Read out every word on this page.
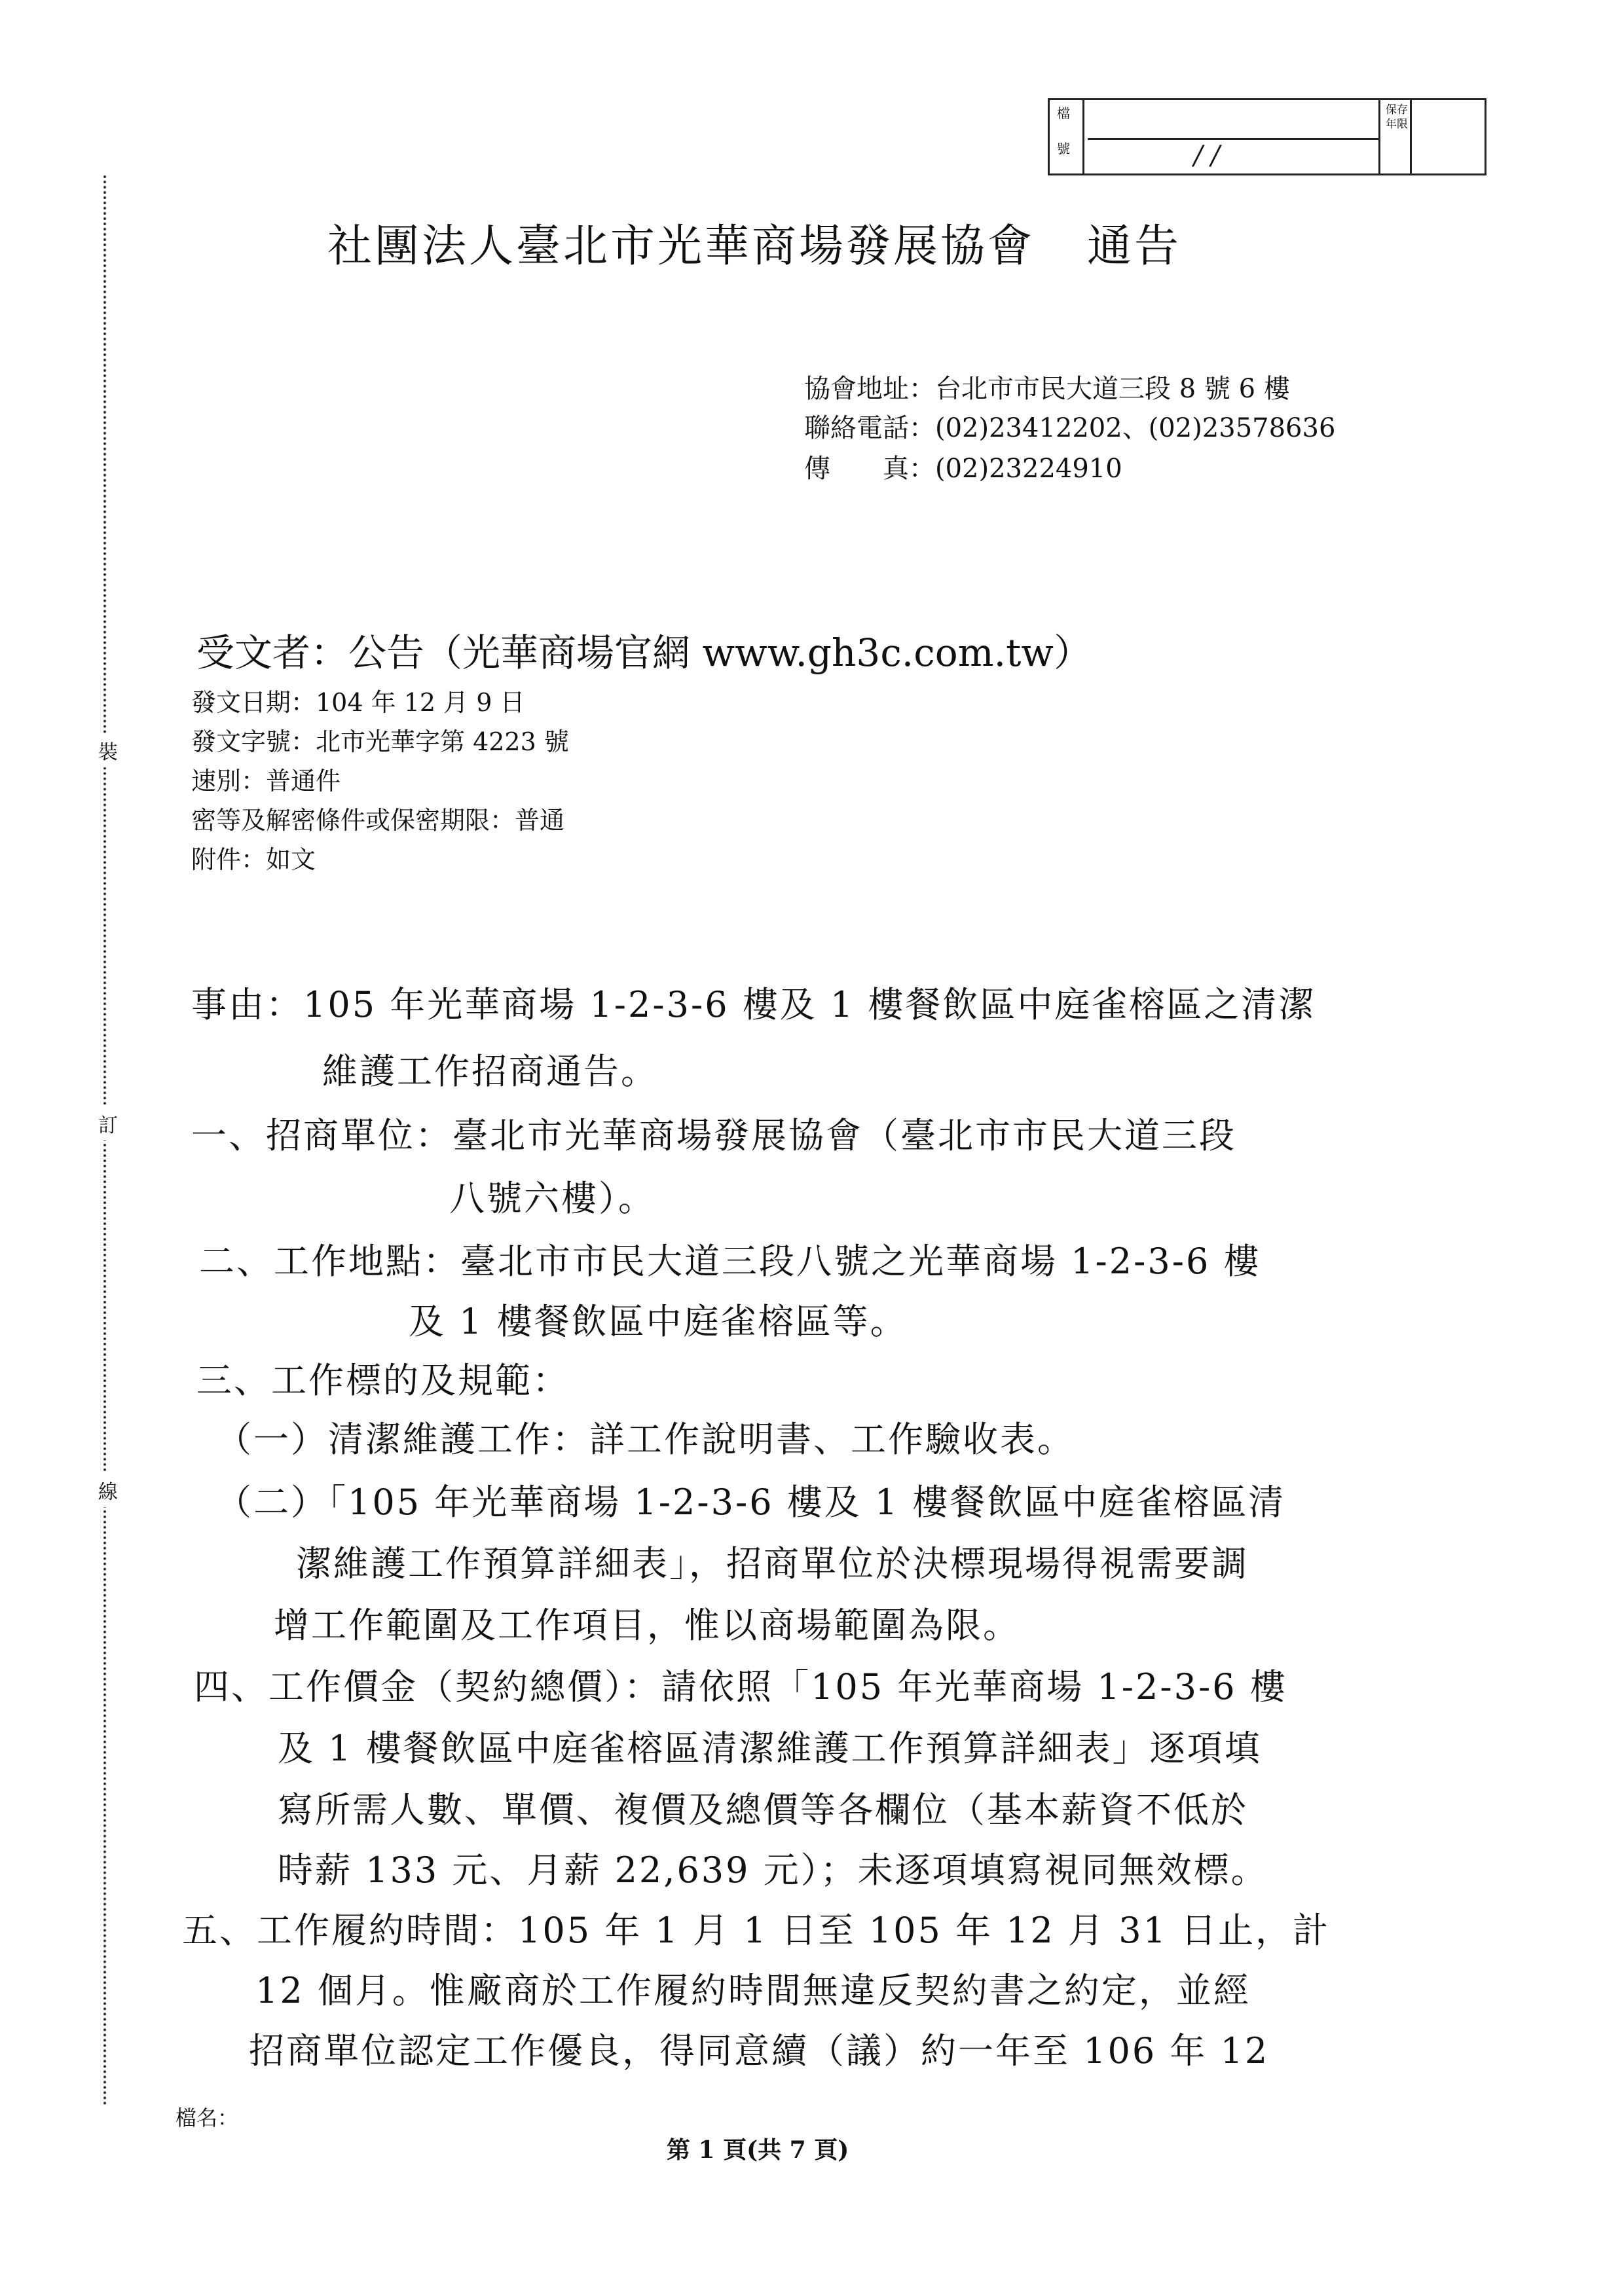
檔
號	/ /
保存年限
裝
訂
線
社團法人臺北市光華商場發展協會 通告
協會地址：台北市市民大道三段 8 號 6 樓
聯絡電話：(02)23412202、(02)23578636
傳　　真：(02)23224910
受文者：公告（光華商場官網 www.gh3c.com.tw）
發文日期：104 年 12 月 9 日
發文字號：北市光華字第 4223 號
速別：普通件
密等及解密條件或保密期限：普通
附件：如文
事由：105 年光華商場 1-2-3-6 樓及 1 樓餐飲區中庭雀榕區之清潔
維護工作招商通告。
一、招商單位：臺北市光華商場發展協會（臺北市市民大道三段
八號六樓）。
二、工作地點：臺北市市民大道三段八號之光華商場 1-2-3-6 樓
及 1 樓餐飲區中庭雀榕區等。
三、工作標的及規範：
（一）清潔維護工作：詳工作說明書、工作驗收表。
（二）「105 年光華商場 1-2-3-6 樓及 1 樓餐飲區中庭雀榕區清
潔維護工作預算詳細表」，招商單位於決標現場得視需要調
增工作範圍及工作項目，惟以商場範圍為限。
四、工作價金（契約總價）：請依照「105 年光華商場 1-2-3-6 樓
及 1 樓餐飲區中庭雀榕區清潔維護工作預算詳細表」逐項填
寫所需人數、單價、複價及總價等各欄位（基本薪資不低於
時薪 133 元、月薪 22,639 元）；未逐項填寫視同無效標。
五、工作履約時間：105 年 1 月 1 日至 105 年 12 月 31 日止，計
12 個月。惟廠商於工作履約時間無違反契約書之約定，並經
招商單位認定工作優良，得同意續（議）約一年至 106 年 12
檔名：
第 1 頁(共 7 頁)
